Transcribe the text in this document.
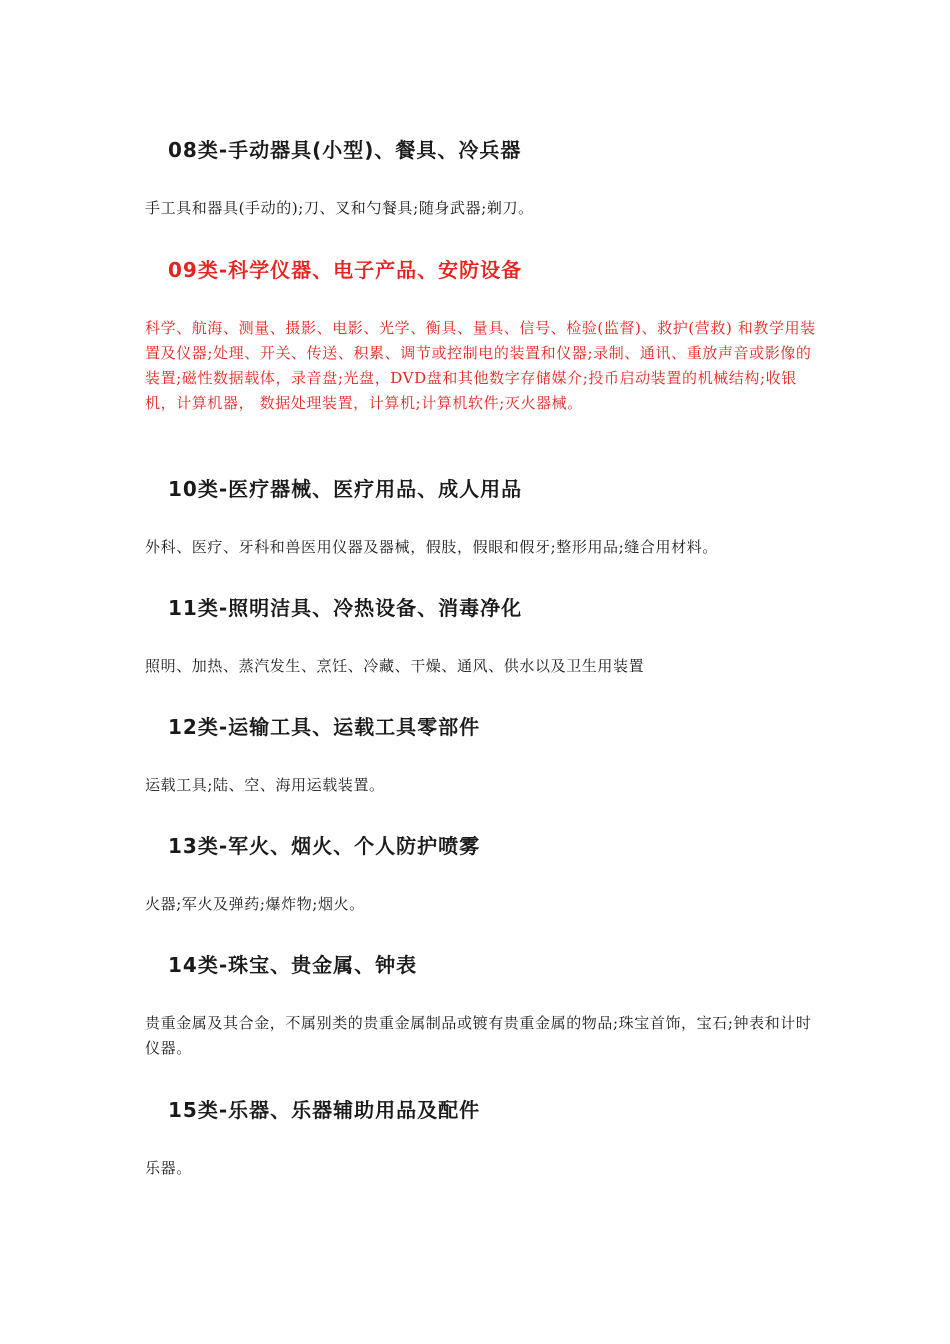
08类-手动器具(小型)、餐具、冷兵器
手工具和器具(手动的);刀、叉和勺餐具;随身武器;剃刀。
09类-科学仪器、电子产品、安防设备
科学、航海、测量、摄影、电影、光学、衡具、量具、信号、检验(监督)、救护(营救) 和教学用装置及仪器;处理、开关、传送、积累、调节或控制电的装置和仪器;录制、通讯、重放声音或影像的 装置;磁性数据载体，录音盘;光盘，DVD盘和其他数字存储媒介;投币启动装置的机械结构;收银机，计算机器， 数据处理装置，计算机;计算机软件;灭火器械。
10类-医疗器械、医疗用品、成人用品
外科、医疗、牙科和兽医用仪器及器械，假肢，假眼和假牙;整形用品;缝合用材料。
11类-照明洁具、冷热设备、消毒净化
照明、加热、蒸汽发生、烹饪、冷藏、干燥、通风、供水以及卫生用装置
12类-运输工具、运载工具零部件
运载工具;陆、空、海用运载装置。
13类-军火、烟火、个人防护喷雾
火器;军火及弹药;爆炸物;烟火。
14类-珠宝、贵金属、钟表
贵重金属及其合金，不属别类的贵重金属制品或镀有贵重金属的物品;珠宝首饰，宝石;钟表和计时仪器。
15类-乐器、乐器辅助用品及配件
乐器。
